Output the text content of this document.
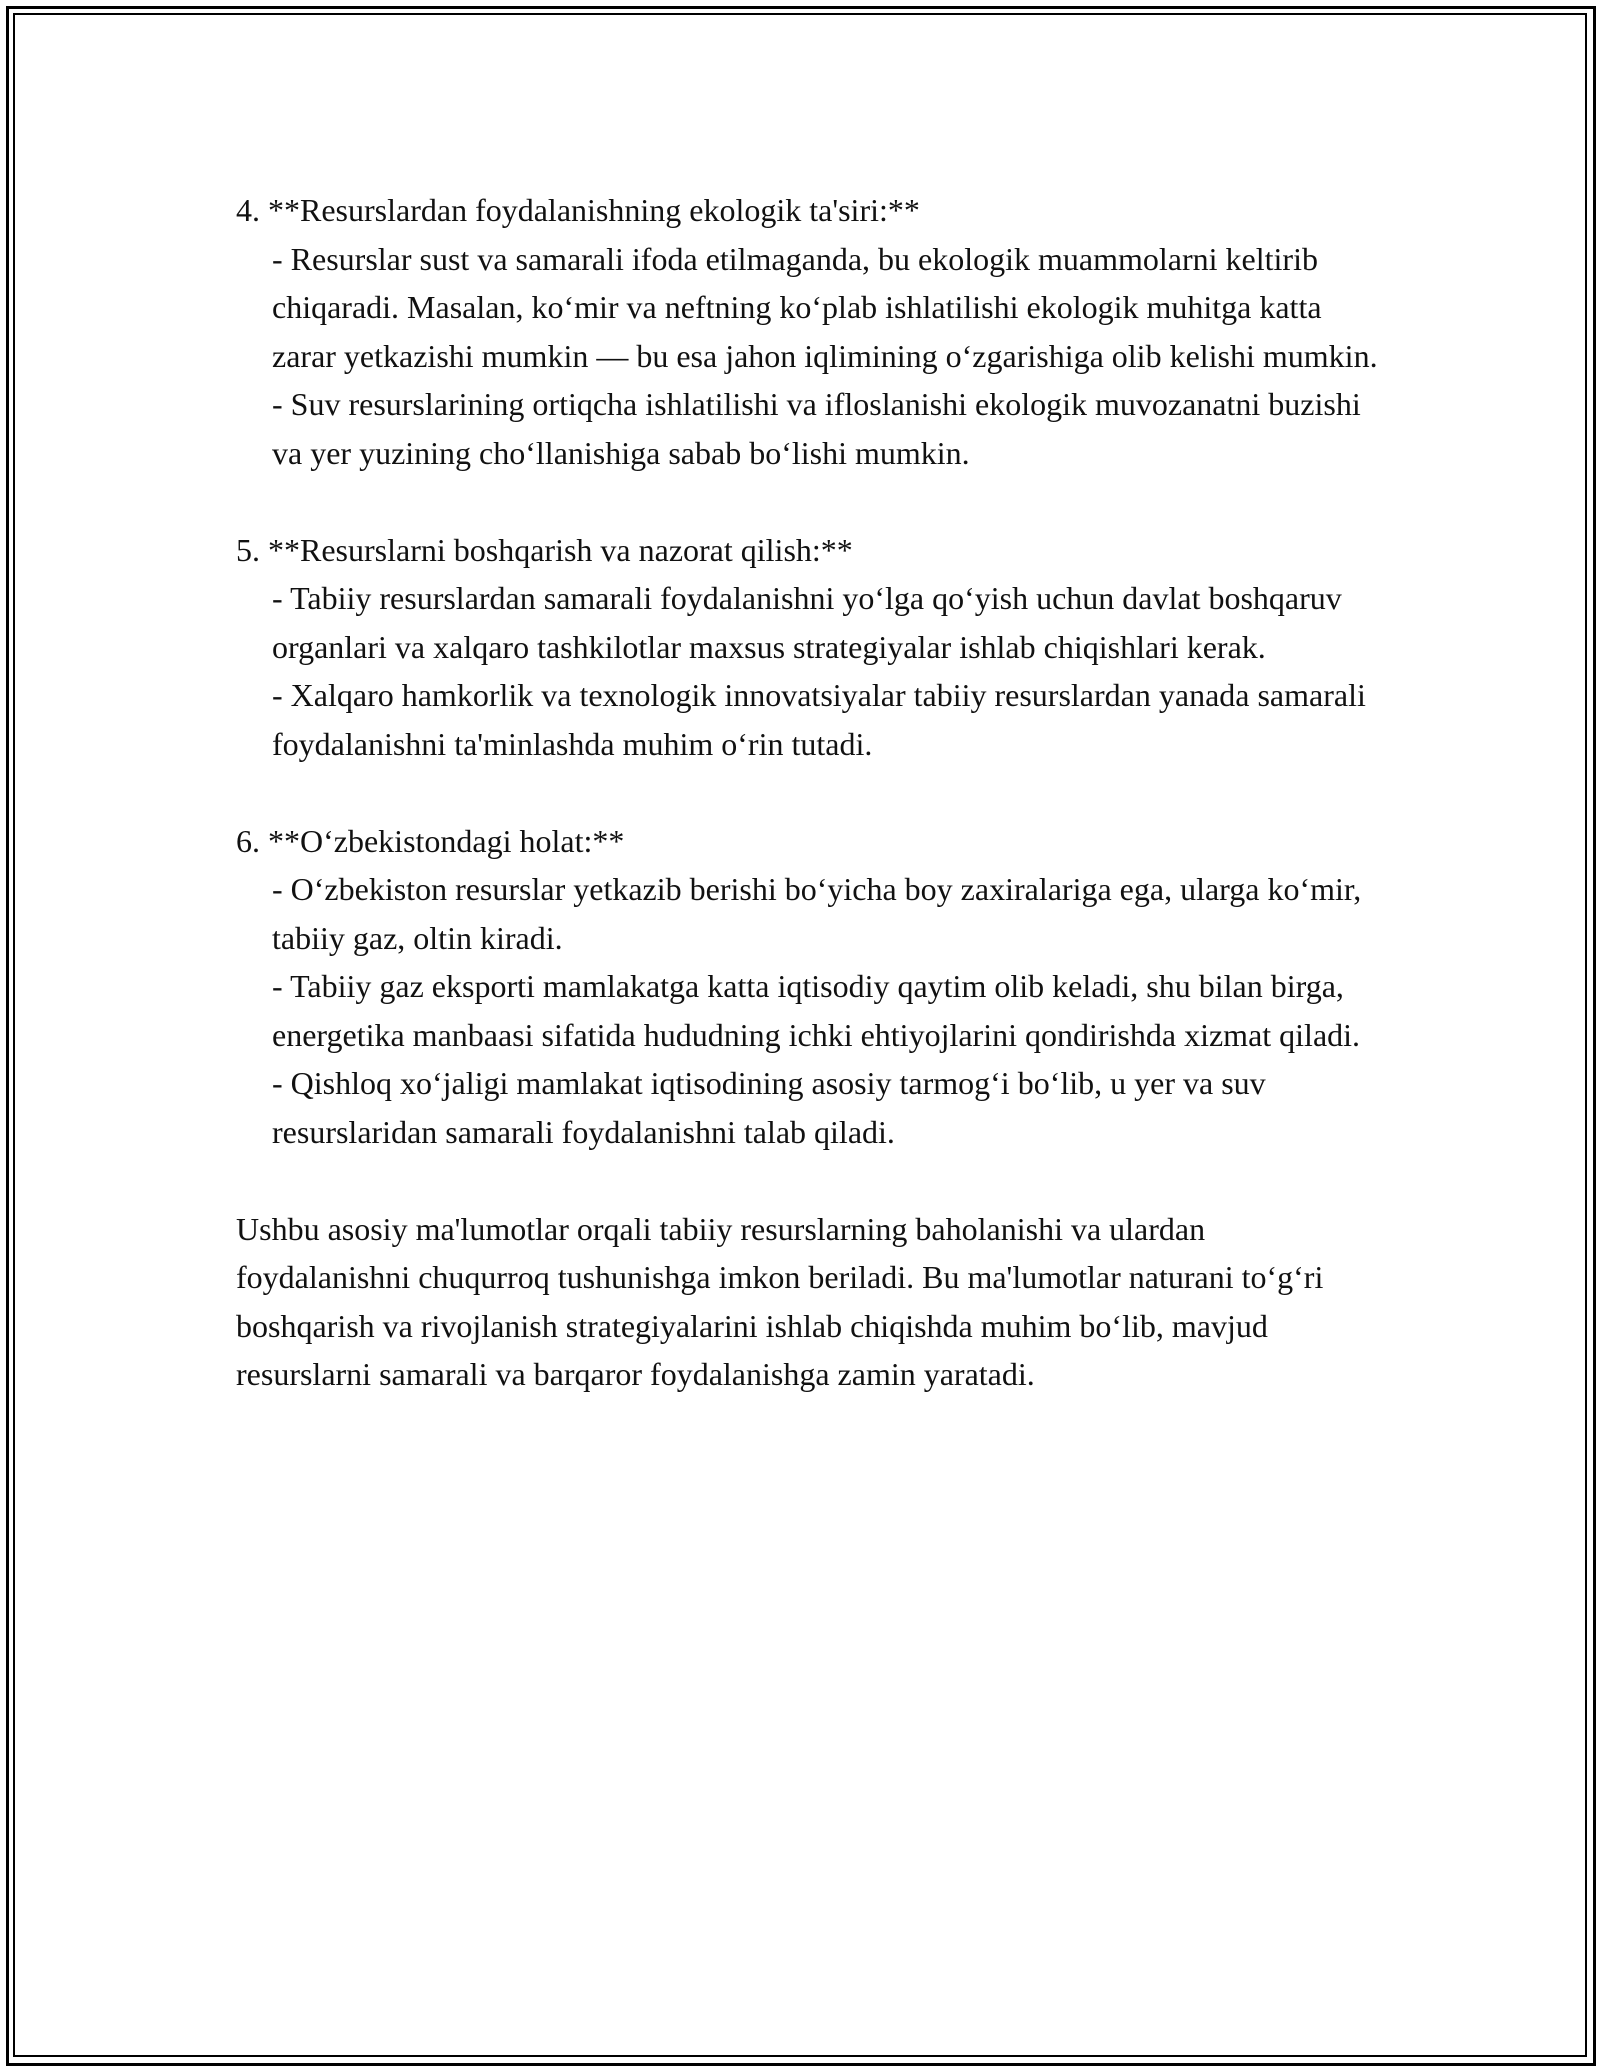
4. **Resurslardan foydalanishning ekologik ta'siri:**
- Resurslar sust va samarali ifoda etilmaganda, bu ekologik muammolarni keltirib chiqaradi. Masalan, ko‘mir va neftning ko‘plab ishlatilishi ekologik muhitga katta zarar yetkazishi mumkin — bu esa jahon iqlimining o‘zgarishiga olib kelishi mumkin.
- Suv resurslarining ortiqcha ishlatilishi va ifloslanishi ekologik muvozanatni buzishi va yer yuzining cho‘llanishiga sabab bo‘lishi mumkin.
5. **Resurslarni boshqarish va nazorat qilish:**
- Tabiiy resurslardan samarali foydalanishni yo‘lga qo‘yish uchun davlat boshqaruv organlari va xalqaro tashkilotlar maxsus strategiyalar ishlab chiqishlari kerak.
- Xalqaro hamkorlik va texnologik innovatsiyalar tabiiy resurslardan yanada samarali foydalanishni ta'minlashda muhim o‘rin tutadi.
6. **O‘zbekistondagi holat:**
- O‘zbekiston resurslar yetkazib berishi bo‘yicha boy zaxiralariga ega, ularga ko‘mir, tabiiy gaz, oltin kiradi.
- Tabiiy gaz eksporti mamlakatga katta iqtisodiy qaytim olib keladi, shu bilan birga, energetika manbaasi sifatida hududning ichki ehtiyojlarini qondirishda xizmat qiladi.
- Qishloq xo‘jaligi mamlakat iqtisodining asosiy tarmog‘i bo‘lib, u yer va suv resurslaridan samarali foydalanishni talab qiladi.
Ushbu asosiy ma'lumotlar orqali tabiiy resurslarning baholanishi va ulardan foydalanishni chuqurroq tushunishga imkon beriladi. Bu ma'lumotlar naturani to‘g‘ri boshqarish va rivojlanish strategiyalarini ishlab chiqishda muhim bo‘lib, mavjud resurslarni samarali va barqaror foydalanishga zamin yaratadi.
